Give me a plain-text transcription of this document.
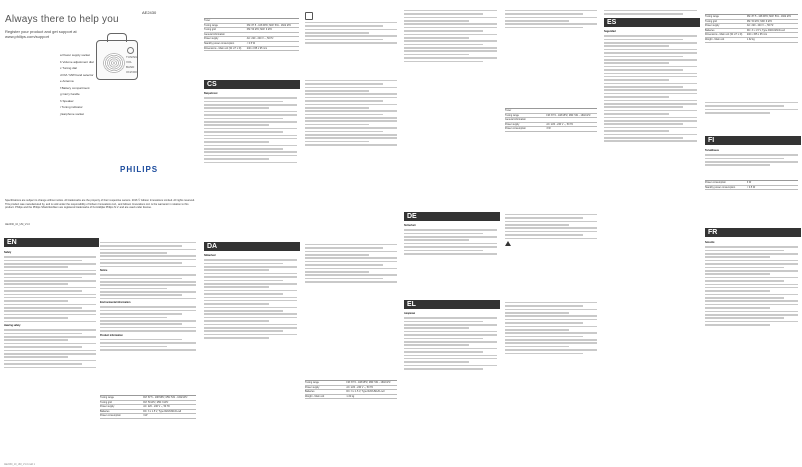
Always there to help you
Register your product and get support at www.philips.com/support
AE2430
a Power supply socket
b Volume adjustment dial
c Tuning dial
d FM / MW band selector
e Antenna
f Battery compartment
g Carry handle
h Speaker
i Tuning indicator
j Earphone socket
TUNING
VOL
BAND
ON/OFF
PHILIPS
Specifications are subject to change without notice. All trademarks are the property of their respective owners. 2016 © Gibson Innovations Limited. All rights reserved. This product was manufactured by, and is sold under the responsibility of Gibson Innovations Ltd., and Gibson Innovations Ltd. is the warrantor in relation to this product. Philips and the Philips Shield Emblem are registered trademarks of Koninklijke Philips N.V. and are used under license.
AE2430_10_UM_V1.0
EN
Safety
Hearing safety
Notice
Environmental information
Product information
Tuning range	FM: 87.5 - 108 MHz; MW: 531 - 1602 kHz
Tuning grid	FM: 50 kHz; MW: 9 kHz
Power supply	AC: 220 - 240 V ~, 50 Hz
Batteries	DC: 3 x 1.5 V, Type R20/UM1/D-cell
Power consumption	3 W
AE2430_10_UM_V1.0.indd 1
Tuner
Tuning range	FM: 87.5 - 108 MHz; MW: 531 - 1602 kHz
Tuning grid	FM: 50 kHz; MW: 9 kHz
General information
Power supply	AC: 220 - 240 V ~, 50 Hz
Standby power consumption	< 0.5 W
Dimensions - Main unit (W x H x D)	240 x 155 x 95 mm
CS
Bezpečnost
DA
Sikkerhed
Tuning range	FM: 87.5 - 108 MHz; MW: 531 - 1602 kHz
Power supply	AC: 220 - 240 V ~, 50 Hz
Batteries	DC: 3 x 1.5 V, Type R20/UM1/D-cell
Weight - Main unit	1.32 kg
Tuner
Tuning range	FM: 87.5 - 108 MHz; MW: 531 - 1602 kHz
General information
Power supply	AC: 220 - 240 V ~, 50 Hz
Power consumption	3 W
DE
Sicherheit
EL
Ασφάλεια
ES
Seguridad
Tuning range	FM: 87.5 - 108 MHz; MW: 531 - 1602 kHz
Tuning grid	FM: 50 kHz; MW: 9 kHz
Power supply	AC: 220 - 240 V ~, 50 Hz
Batteries	DC: 3 x 1.5 V, Type R20/UM1/D-cell
Dimensions - Main unit (W x H x D)	240 x 155 x 95 mm
Weight - Main unit	1.32 kg
Power consumption	3 W
Standby power consumption	< 0.5 W
FI
Turvallisuus
FR
Sécurité
